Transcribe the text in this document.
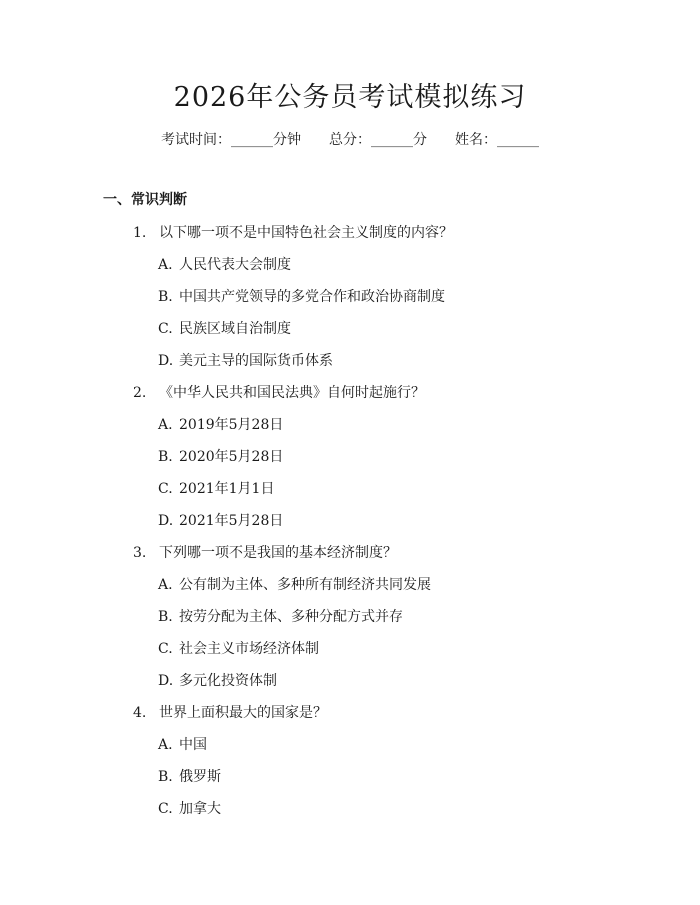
2026年公务员考试模拟练习
考试时间：______分钟 总分：______分 姓名：______
一、常识判断
1. 以下哪一项不是中国特色社会主义制度的内容？
A. 人民代表大会制度
B. 中国共产党领导的多党合作和政治协商制度
C. 民族区域自治制度
D. 美元主导的国际货币体系
2. 《中华人民共和国民法典》自何时起施行？
A. 2019年5月28日
B. 2020年5月28日
C. 2021年1月1日
D. 2021年5月28日
3. 下列哪一项不是我国的基本经济制度？
A. 公有制为主体、多种所有制经济共同发展
B. 按劳分配为主体、多种分配方式并存
C. 社会主义市场经济体制
D. 多元化投资体制
4. 世界上面积最大的国家是？
A. 中国
B. 俄罗斯
C. 加拿大
